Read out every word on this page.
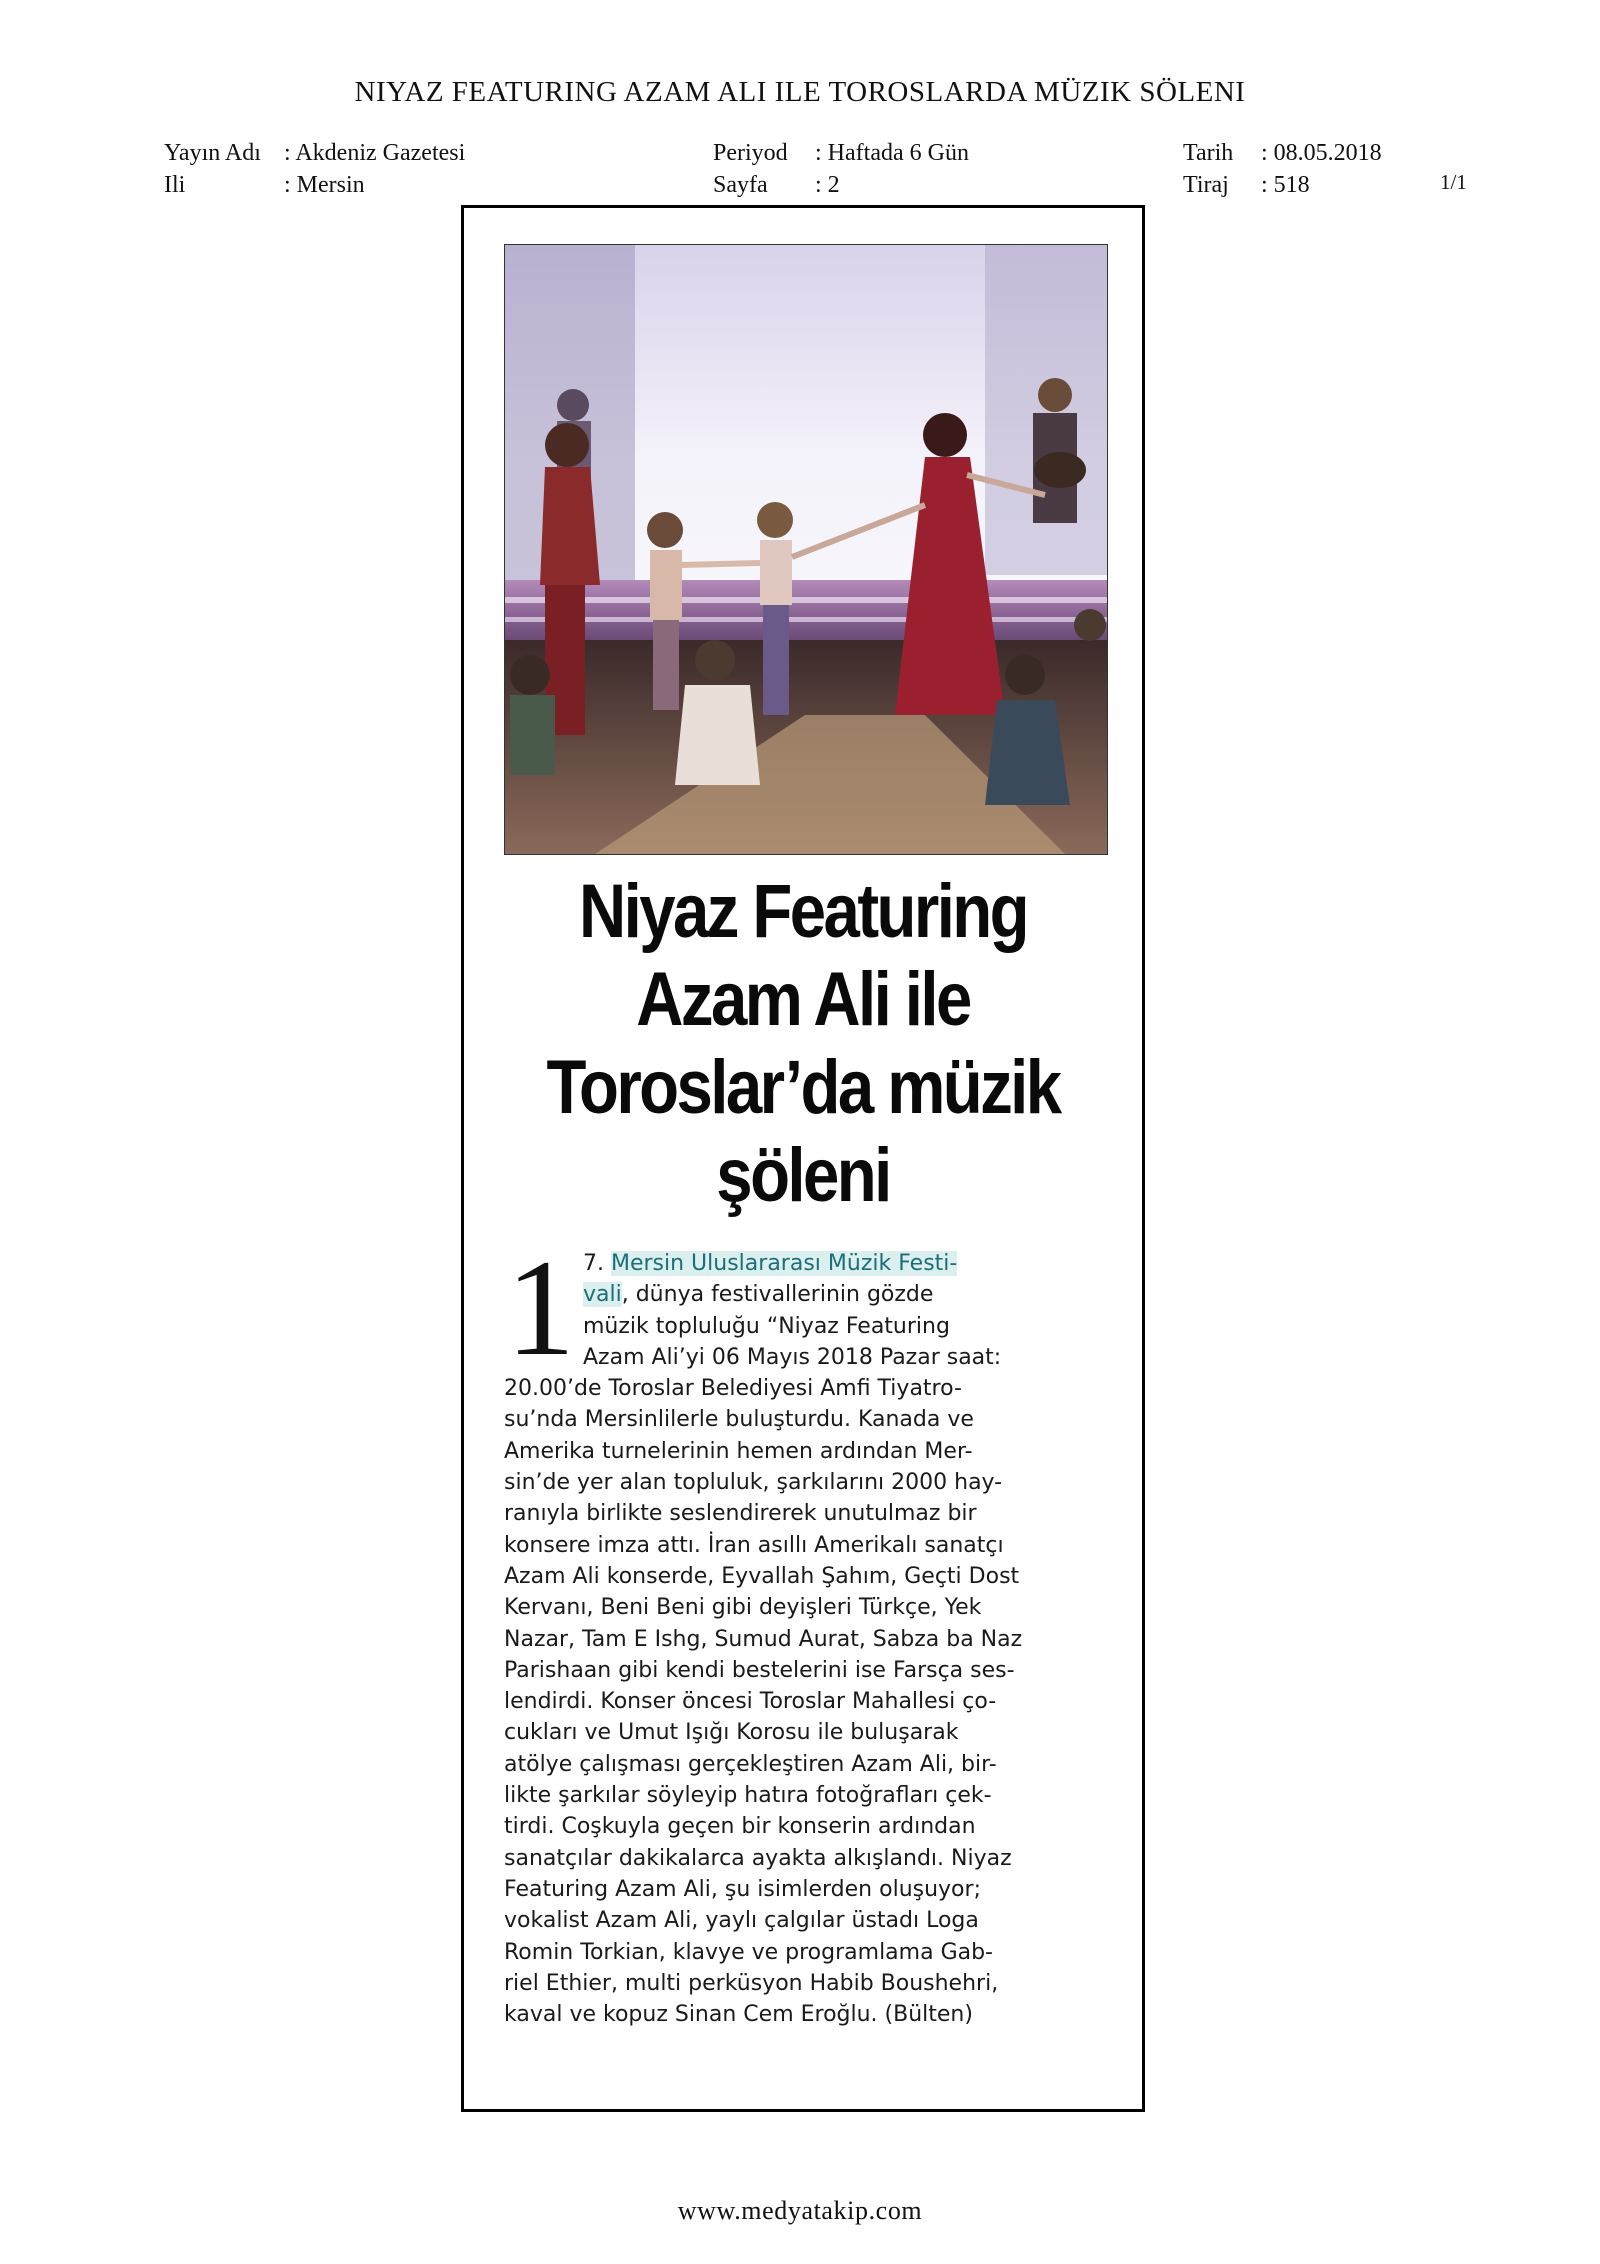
NIYAZ FEATURING AZAM ALI ILE TOROSLARDA MÜZIK SÖLENI
Yayın Adı : Akdeniz Gazetesi
Ili	: Mersin
Periyod	: Haftada 6 Gün
Sayfa	: 2
Tarih	: 08.05.2018
Tiraj	: 518	1/1
Niyaz Featuring
Azam Ali ile
Toroslar’da müzik
şöleni
1 7. Mersin Uluslararası Müzik Festi-
vali, dünya festivallerinin gözde
müzik topluluğu “Niyaz Featuring
Azam Ali’yi 06 Mayıs 2018 Pazar saat:
20.00’de Toroslar Belediyesi Amfi Tiyatro-
su’nda Mersinlilerle buluşturdu. Kanada ve
Amerika turnelerinin hemen ardından Mer-
sin’de yer alan topluluk, şarkılarını 2000 hay-
ranıyla birlikte seslendirerek unutulmaz bir
konsere imza attı. İran asıllı Amerikalı sanatçı
Azam Ali konserde, Eyvallah Şahım, Geçti Dost
Kervanı, Beni Beni gibi deyişleri Türkçe, Yek
Nazar, Tam E Ishg, Sumud Aurat, Sabza ba Naz
Parishaan gibi kendi bestelerini ise Farsça ses-
lendirdi. Konser öncesi Toroslar Mahallesi ço-
cukları ve Umut Işığı Korosu ile buluşarak
atölye çalışması gerçekleştiren Azam Ali, bir-
likte şarkılar söyleyip hatıra fotoğrafları çek-
tirdi. Coşkuyla geçen bir konserin ardından
sanatçılar dakikalarca ayakta alkışlandı. Niyaz
Featuring Azam Ali, şu isimlerden oluşuyor;
vokalist Azam Ali, yaylı çalgılar üstadı Loga
Romin Torkian, klavye ve programlama Gab-
riel Ethier, multi perküsyon Habib Boushehri,
kaval ve kopuz Sinan Cem Eroğlu. (Bülten)
www.medyatakip.com
